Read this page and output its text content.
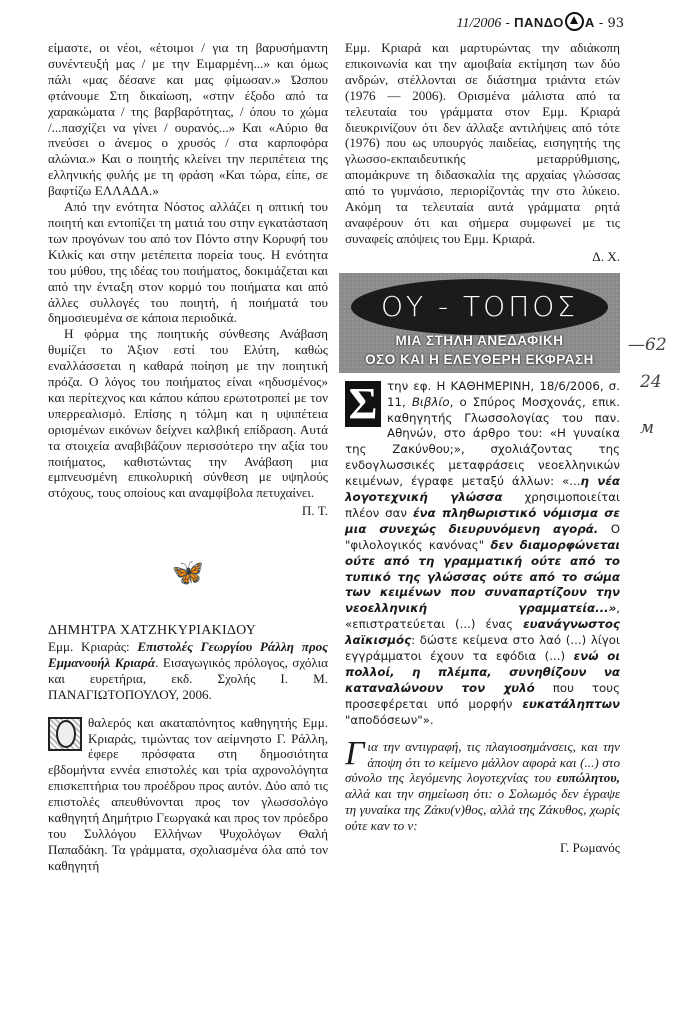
11/2006 - ΠΑΝΔΟ Α - 93

είμαστε, οι νέοι, «έτοιμοι / για τη βαρυσήμαντη συνέντευξή μας / με την Ειμαρμένη...» και όμως πάλι «μας δέσανε και μας φίμωσαν.» Ώσπου φτάνουμε Στη δικαίωση, «στην έξοδο από τα χαρακώματα / της βαρβαρότητας, / όπου το χώμα /...πασχίζει να γίνει / ουρανός...» Και «Αύριο θα πνεύσει ο άνεμος ο χρυσός / στα καρποφόρα αλώνια.» Και ο ποιητής κλείνει την περιπέτεια της ελληνικής φυλής με τη φράση «Και τώρα, είπε, σε βαφτίζω ΕΛΛΑΔΑ.»

Από την ενότητα Νόστος αλλάζει η οπτική του ποιητή και εντοπίζει τη ματιά του στην εγκατάσταση των προγόνων του από τον Πόντο στην Κορυφή του Κιλκίς και στην μετέπειτα πορεία τους. Η ενότητα του μύθου, της ιδέας του ποιήματος, δοκιμάζεται και από την ένταξη στον κορμό του ποιήματα και από άλλες συλλογές του ποιητή, ή ποιήματά του δημοσιευμένα σε κάποια περιοδικά.

Η φόρμα της ποιητικής σύνθεσης Ανάβαση θυμίζει το Άξιον εστί του Ελύτη, καθώς εναλλάσσεται η καθαρά ποίηση με την ποιητική πρόζα. Ο λόγος του ποιήματος είναι «ηδυσμένος» και περίτεχνος και κάπου κάπου ερωτοτροπεί με τον υπερρεαλισμό. Επίσης η τόλμη και η υψιπέτεια ορισμένων εικόνων δείχνει καλβική επίδραση. Αυτά τα στοιχεία αναβιβάζουν περισσότερο την αξία του ποιήματος, καθιστώντας την Ανάβαση μια εμπνευσμένη επικολυρική σύνθεση με υψηλούς στόχους, τους οποίους και αναμφίβολα πετυχαίνει.

Π. Τ.

🦋

ΔΗΜΗΤΡΑ ΧΑΤΖΗΚΥΡΙΑΚΙΔΟΥ

Εμμ. Κριαράς: Επιστολές Γεωργίου Ράλλη προς Εμμανουήλ Κριαρά. Εισαγωγικός πρόλογος, σχόλια και ευρετήρια, εκδ. Σχολής Ι. Μ. ΠΑΝΑΓΙΩΤΟΠΟΥΛΟΥ, 2006.

θαλερός και ακαταπόνητος καθηγητής Εμμ. Κριαράς, τιμώντας τον αείμνηστο Γ. Ράλλη, έφερε πρόσφατα στη δημοσιότητα εβδομήντα εννέα επιστολές και τρία αχρονολόγητα επισκεπτήρια του προέδρου προς αυτόν. Δύο από τις επιστολές απευθύνονται προς τον γλωσσολόγο καθηγητή Δημήτριο Γεωργακά και προς τον πρόεδρο του Συλλόγου Ελλήνων Ψυχολόγων Θαλή Παπαδάκη. Τα γράμματα, σχολιασμένα όλα από τον καθηγητή

Εμμ. Κριαρά και μαρτυρώντας την αδιάκοπη επικοινωνία και την αμοιβαία εκτίμηση των δύο ανδρών, στέλλονται σε διάστημα τριάντα ετών (1976 — 2006). Ορισμένα μάλιστα από τα τελευταία του γράμματα στον Εμμ. Κριαρά διευκρινίζουν ότι δεν άλλαξε αντιλήψεις από τότε (1976) που ως υπουργός παιδείας, εισηγητής της γλωσσο-εκπαιδευτικής μεταρρύθμισης, απομάκρυνε τη διδασκαλία της αρχαίας γλώσσας από το γυμνάσιο, περιορίζοντάς την στο λύκειο. Ακόμη τα τελευταία αυτά γράμματα ρητά αναφέρουν ότι και σήμερα συμφωνεί με τις συναφείς απόψεις του Εμμ. Κριαρά.

Δ. Χ.

ΟΥ - ΤΟΠΟΣ
ΜΙΑ ΣΤΗΛΗ ΑΝΕΔΑΦΙΚΗ
ΟΣΟ ΚΑΙ Η ΕΛΕΥΘΕΡΗ ΕΚΦΡΑΣΗ

Σ την εφ. Η ΚΑΘΗΜΕΡΙΝΗ, 18/6/2006, σ. 11, Βιβλίο, ο Σπύρος Μοσχονάς, επικ. καθηγητής Γλωσσολογίας του παν. Αθηνών, στο άρθρο του: «Η γυναίκα της Ζακύνθου;», σχολιάζοντας της ενδογλωσσικές μεταφράσεις νεοελληνικών κειμένων, έγραφε μεταξύ άλλων: «...η νέα λογοτεχνική γλώσσα χρησιμοποιείται πλέον σαν ένα πληθωριστικό νόμισμα σε μια συνεχώς διευρυνόμενη αγορά. Ο "φιλολογικός κανόνας" δεν διαμορφώνεται ούτε από τη γραμματική ούτε από το τυπικό της γλώσσας ούτε από το σώμα των κειμένων που συναπαρτίζουν την νεοελληνική γραμματεία...», «επιστρατεύεται (...) ένας ευανάγνωστος λαϊκισμός: δώστε κείμενα στο λαό (...) λίγοι εγγράμματοι έχουν τα εφόδια (...) ενώ οι πολλοί, η πλέμπα, συνηθίζουν να καταναλώνουν τον χυλό που τους προσεφέρεται υπό μορφήν ευκατάληπτων "αποδόσεων"».

Για την αντιγραφή, τις πλαγιοσημάνσεις, και την άποψη ότι το κείμενο μάλλον αφορά και (...) στο σύνολο της λεγόμενης λογοτεχνίας του ευπώλητου, αλλά και την σημείωση ότι: ο Σολωμός δεν έγραψε τη γυναίκα της Ζάκυ(ν)θος, αλλά της Ζάκυθος, χωρίς ούτε καν το ν:

Γ. Ρωμανός

—62
24
м
